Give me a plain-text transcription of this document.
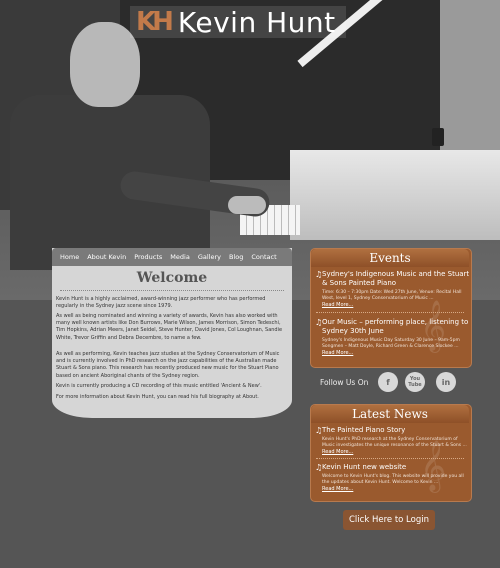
KH Kevin Hunt
Home About Kevin Products Media Gallery Blog Contact
Welcome

Kevin Hunt is a highly acclaimed, award-winning jazz performer who has performed regularly in the Sydney jazz scene since 1979.

As well as being nominated and winning a variety of awards, Kevin has also worked with many well known artists like Don Burrows, Marie Wilson, James Morrison, Simon Tedeschi, Tim Hopkins, Adrian Meers, Janet Seidel, Steve Hunter, David Jones, Col Loughnan, Sandie White, Trevor Griffin and Debra Decembre, to name a few.

As well as performing, Kevin teaches jazz studies at the Sydney Conservatorium of Music and is currently involved in PhD research on the jazz capabilities of the Australian made Stuart & Sons piano. This research has recently produced new music for the Stuart Piano based on ancient Aboriginal chants of the Sydney region.

Kevin is currently producing a CD recording of this music entitled 'Ancient & New'.

For more information about Kevin Hunt, you can read his full biography at About.

𝄞
Events
♫ Sydney's Indigenous Music and the Stuart & Sons Painted Piano

Time: 6:30 – 7:30pm Date: Wed 27th June, Venue: Recital Hall West, level 1, Sydney Conservatorium of Music ...

Read More...
♫ Our Music – performing place, listening to Sydney 30th June

Sydney's Indigenous Music Day Saturday 30 June – 9am-5pm Songmen – Matt Doyle, Richard Green & Clarence Slockee ...

Read More...
Follow Us On	f	You Tube	in
𝄞
Latest News
♫ The Painted Piano Story

Kevin Hunt's PhD research at the Sydney Conservatorium of Music investigates the unique resonance of the Stuart & Sons ...

Read More...
♫ Kevin Hunt new website

Welcome to Kevin Hunt's blog. This website will provide you all the updates about Kevin Hunt. Welcome to Kevin ...

Read More...
Click Here to Login
